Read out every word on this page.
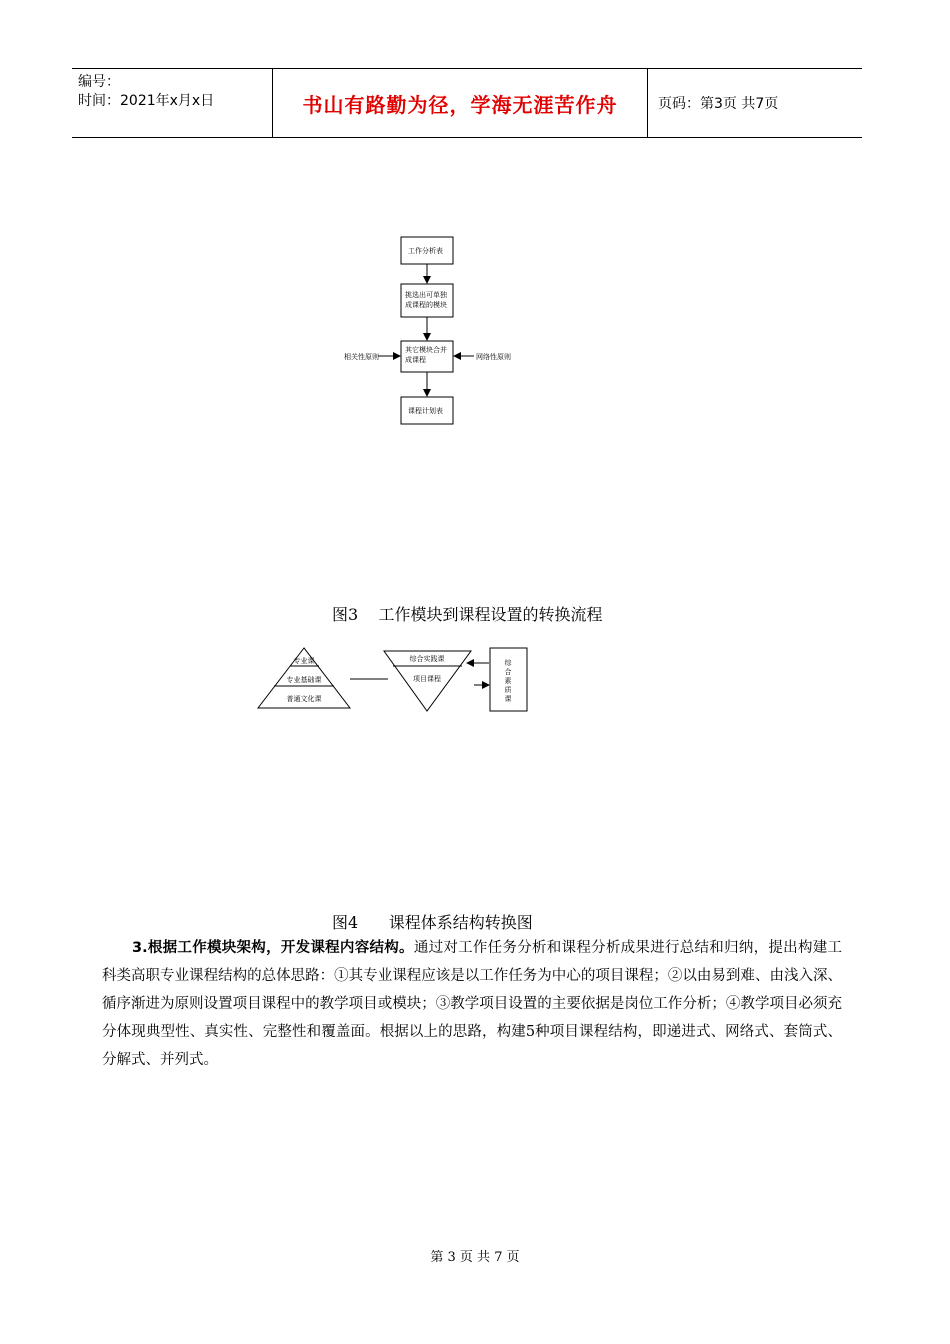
编号：
时间：2021年x月x日	书山有路勤为径，学海无涯苦作舟	页码：第3页 共7页
工作分析表
挑选出可单独成课程的模块
其它模块合并成课程
课程计划表
相关性原则	网络性原则
图3    工作模块到课程设置的转换流程
专业课
专业基础课
普通文化课
综合实践课
项目课程
综合素质课
图4      课程体系结构转换图
3.根据工作模块架构，开发课程内容结构。通过对工作任务分析和课程分析成果进行总结和归纳，提出构建工科类高职专业课程结构的总体思路：①其专业课程应该是以工作任务为中心的项目课程；②以由易到难、由浅入深、循序渐进为原则设置项目课程中的教学项目或模块；③教学项目设置的主要依据是岗位工作分析；④教学项目必须充分体现典型性、真实性、完整性和覆盖面。根据以上的思路，构建5种项目课程结构，即递进式、网络式、套筒式、分解式、并列式。
第 3 页 共 7 页
